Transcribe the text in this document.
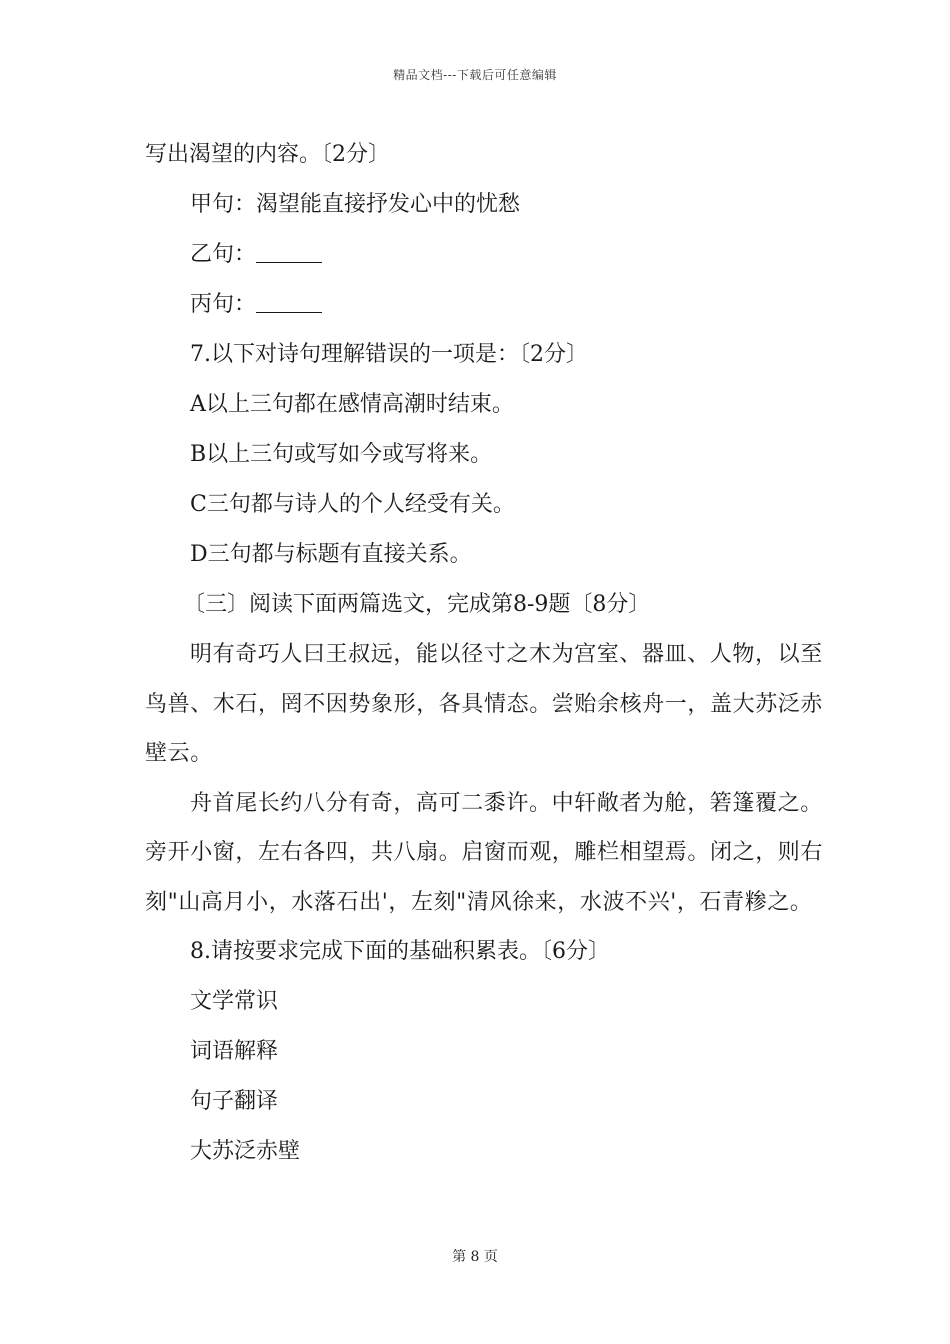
精品文档---下载后可任意编辑
写出渴望的内容。〔2分〕
甲句：渴望能直接抒发心中的忧愁
乙句：
丙句：
7.以下对诗句理解错误的一项是：〔2分〕
A以上三句都在感情高潮时结束。
B以上三句或写如今或写将来。
C三句都与诗人的个人经受有关。
D三句都与标题有直接关系。
〔三〕阅读下面两篇选文，完成第8-9题〔8分〕

明有奇巧人曰王叔远，能以径寸之木为宫室、器皿、人物，以至鸟兽、木石，罔不因势象形，各具情态。尝贻余核舟一，盖大苏泛赤壁云。

舟首尾长约八分有奇，高可二黍许。中轩敞者为舱，箬篷覆之。旁开小窗，左右各四，共八扇。启窗而观，雕栏相望焉。闭之，则右刻"山高月小，水落石出'，左刻"清风徐来，水波不兴'，石青糁之。

8.请按要求完成下面的基础积累表。〔6分〕
文学常识
词语解释
句子翻译
大苏泛赤壁
第 8 页
